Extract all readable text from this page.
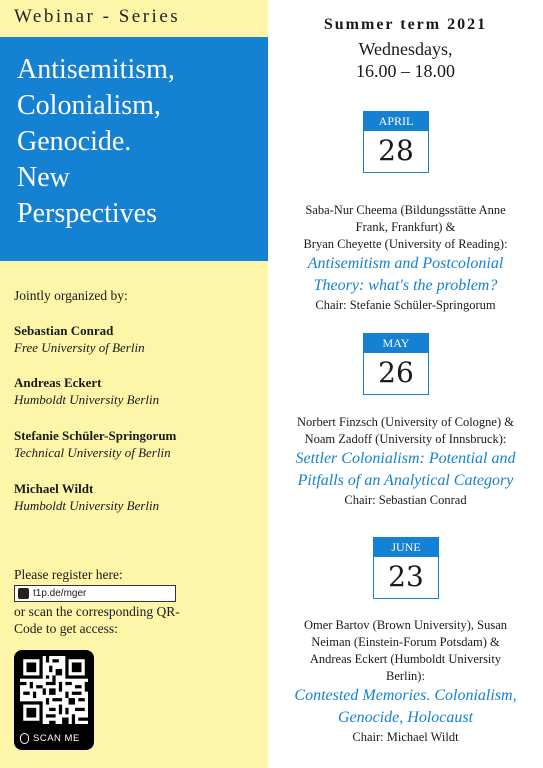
Webinar - Series
Antisemitism,
Colonialism,
Genocide.
New
Perspectives
Jointly organized by:
Sebastian Conrad
Free University of Berlin
Andreas Eckert
Humboldt University Berlin
Stefanie Schüler-Springorum
Technical University of Berlin
Michael Wildt
Humboldt University Berlin
Please register here:
t1p.de/mger
or scan the corresponding QR-
Code to get access:
SCAN ME
Summer term 2021
Wednesdays,
16.00 – 18.00
APRIL
28
Saba-Nur Cheema (Bildungsstätte Anne
Frank, Frankfurt) &
Bryan Cheyette (University of Reading):
Antisemitism and Postcolonial
Theory: what's the problem?
Chair: Stefanie Schüler-Springorum
MAY
26
Norbert Finzsch (University of Cologne) &
Noam Zadoff (University of Innsbruck):
Settler Colonialism: Potential and
Pitfalls of an Analytical Category
Chair: Sebastian Conrad
JUNE
23
Omer Bartov (Brown University), Susan
Neiman (Einstein-Forum Potsdam) &
Andreas Eckert (Humboldt University
Berlin):
Contested Memories. Colonialism,
Genocide, Holocaust
Chair: Michael Wildt
